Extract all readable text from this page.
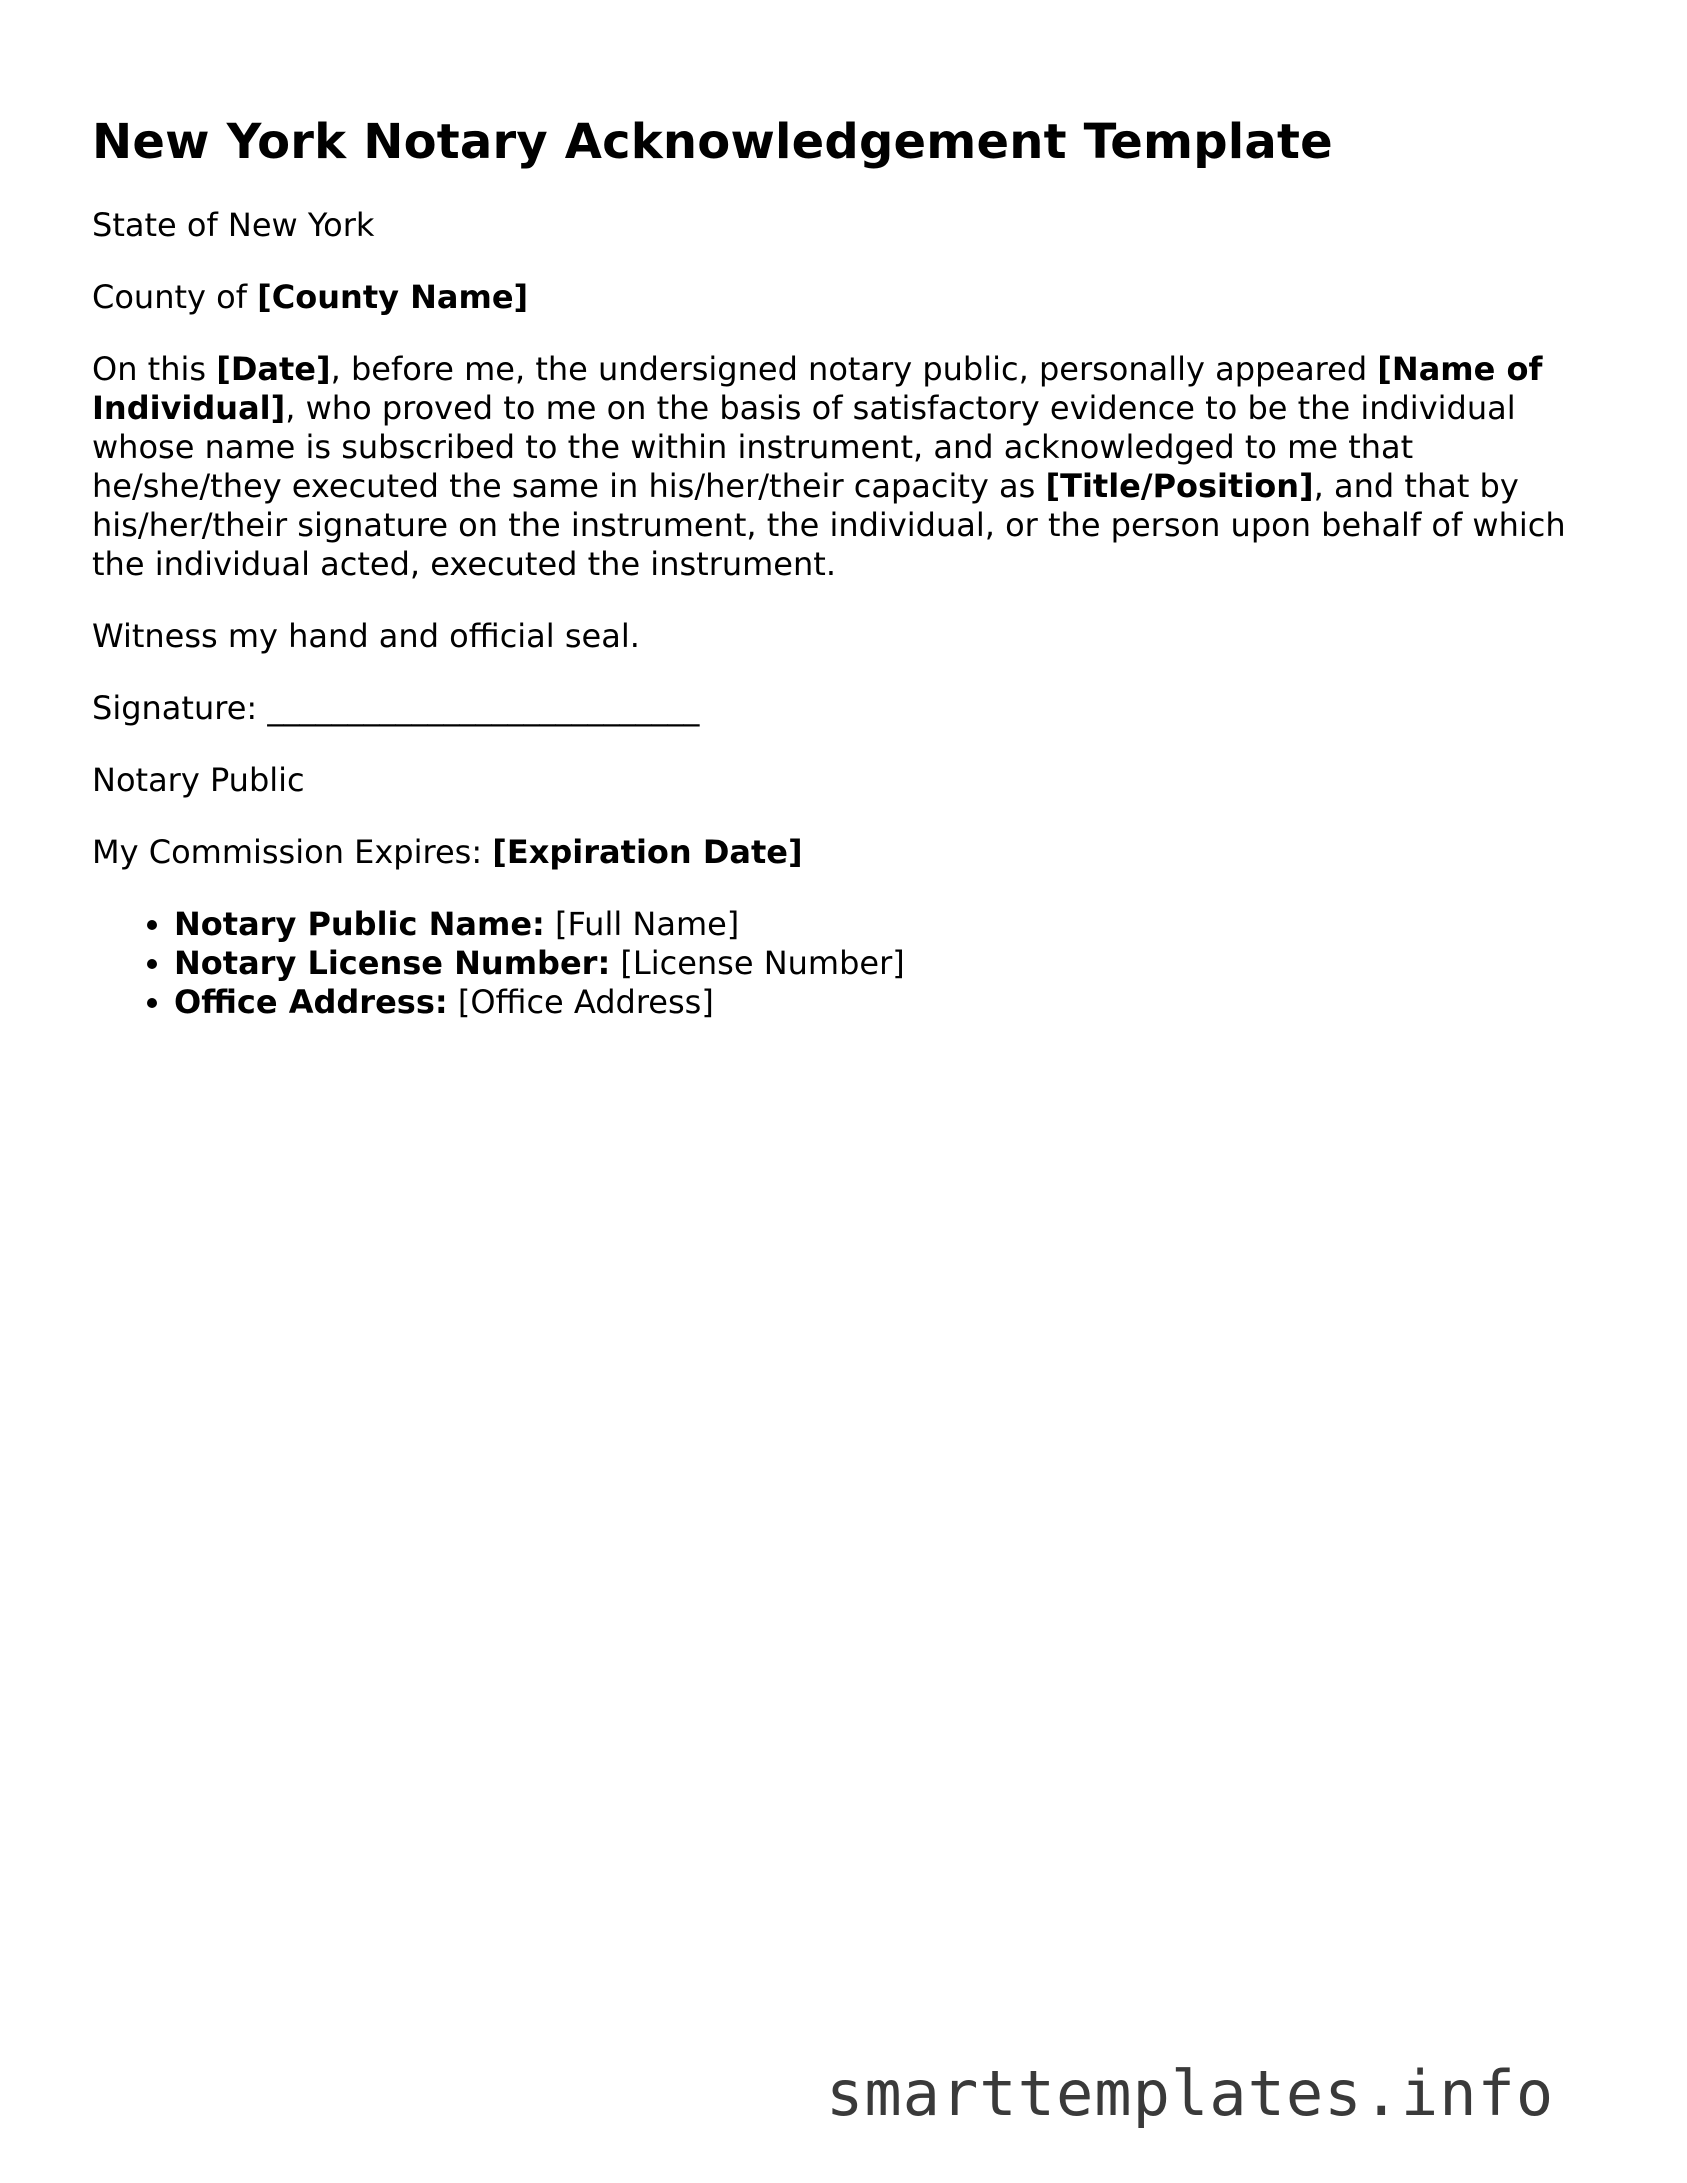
New York Notary Acknowledgement Template

State of New York

County of [County Name]

On this [Date], before me, the undersigned notary public, personally appeared [Name of Individual], who proved to me on the basis of satisfactory evidence to be the individual whose name is subscribed to the within instrument, and acknowledged to me that he/she/they executed the same in his/her/their capacity as [Title/Position], and that by his/her/their signature on the instrument, the individual, or the person upon behalf of which the individual acted, executed the instrument.

Witness my hand and official seal.

Signature: ___________________________

Notary Public

My Commission Expires: [Expiration Date]

• Notary Public Name: [Full Name]
• Notary License Number: [License Number]
• Office Address: [Office Address]
smarttemplates.info
